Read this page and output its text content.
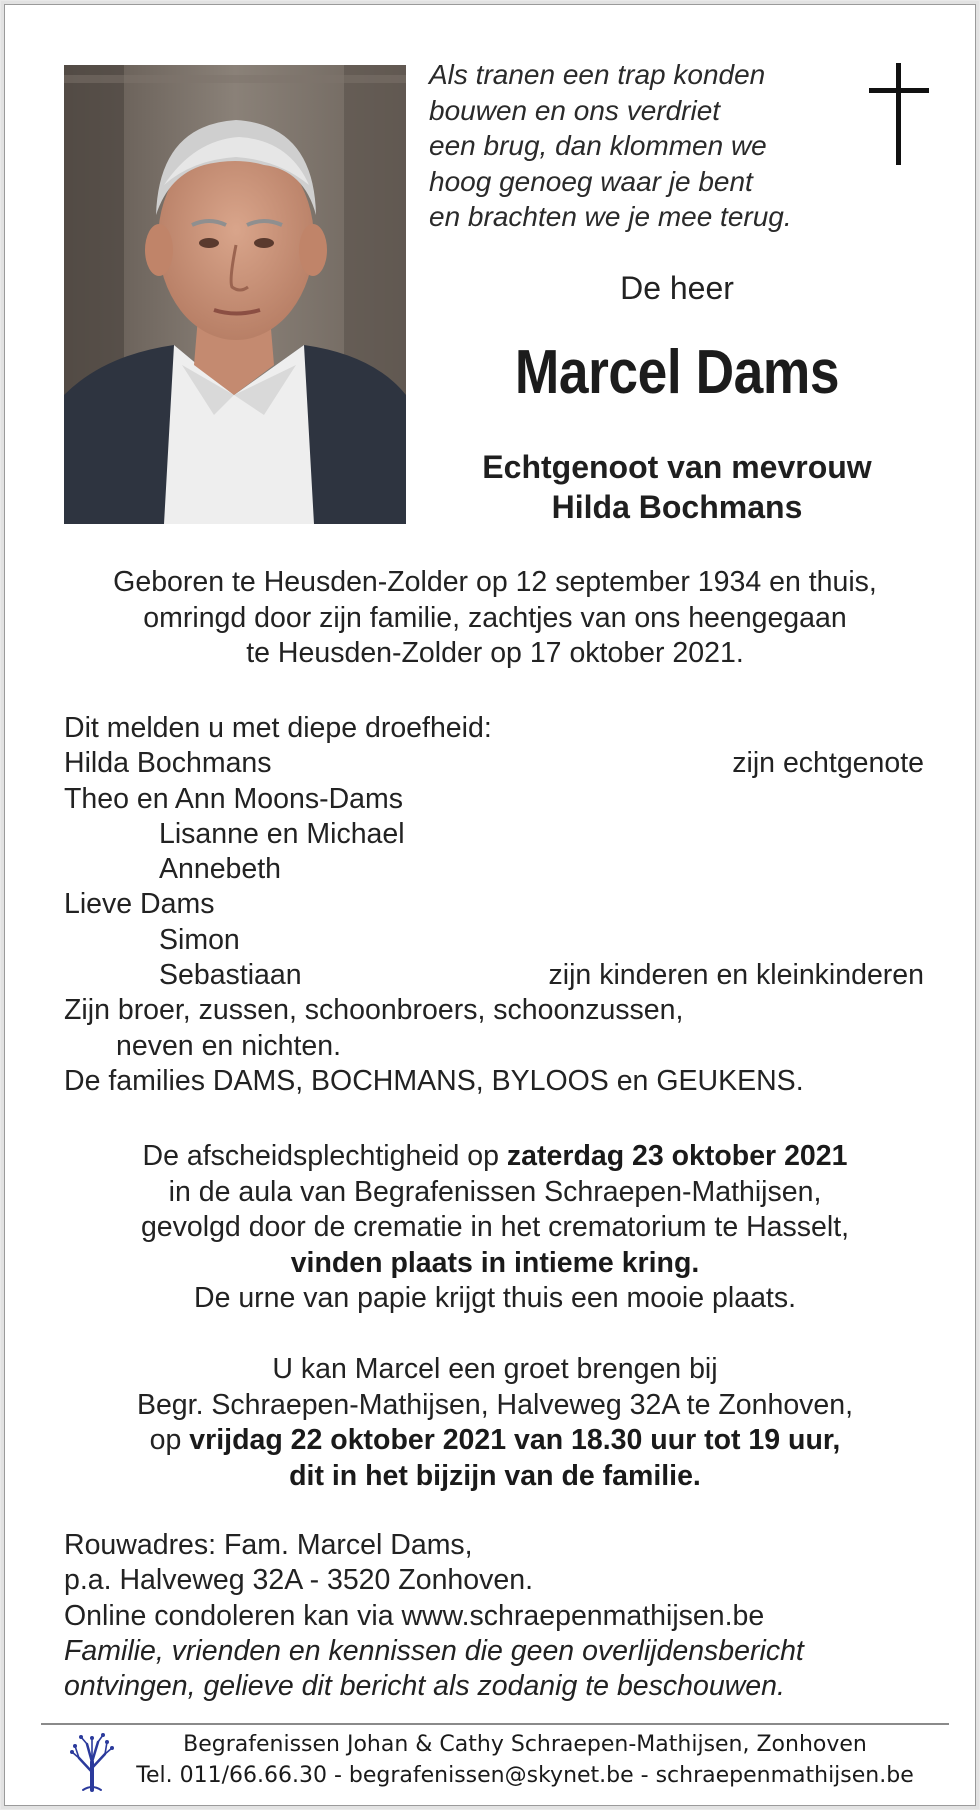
Als tranen een trap konden
bouwen en ons verdriet
een brug, dan klommen we
hoog genoeg waar je bent
en brachten we je mee terug.
De heer
Marcel Dams
Echtgenoot van mevrouw
Hilda Bochmans
Geboren te Heusden-Zolder op 12 september 1934 en thuis,
omringd door zijn familie, zachtjes van ons heengegaan
te Heusden-Zolder op 17 oktober 2021.
Dit melden u met diepe droefheid:
Hilda Bochmans	zijn echtgenote
Theo en Ann Moons-Dams
Lisanne en Michael
Annebeth
Lieve Dams
Simon
Sebastiaan	zijn kinderen en kleinkinderen
Zijn broer, zussen, schoonbroers, schoonzussen,
neven en nichten.
De families DAMS, BOCHMANS, BYLOOS en GEUKENS.
De afscheidsplechtigheid op zaterdag 23 oktober 2021
in de aula van Begrafenissen Schraepen-Mathijsen,
gevolgd door de crematie in het crematorium te Hasselt,
vinden plaats in intieme kring.
De urne van papie krijgt thuis een mooie plaats.
U kan Marcel een groet brengen bij
Begr. Schraepen-Mathijsen, Halveweg 32A te Zonhoven,
op vrijdag 22 oktober 2021 van 18.30 uur tot 19 uur,
dit in het bijzijn van de familie.
Rouwadres: Fam. Marcel Dams,
p.a. Halveweg 32A - 3520 Zonhoven.
Online condoleren kan via www.schraepenmathijsen.be
Familie, vrienden en kennissen die geen overlijdensbericht
ontvingen, gelieve dit bericht als zodanig te beschouwen.
Begrafenissen Johan & Cathy Schraepen-Mathijsen, Zonhoven
Tel. 011/66.66.30 - begrafenissen@skynet.be - schraepenmathijsen.be
